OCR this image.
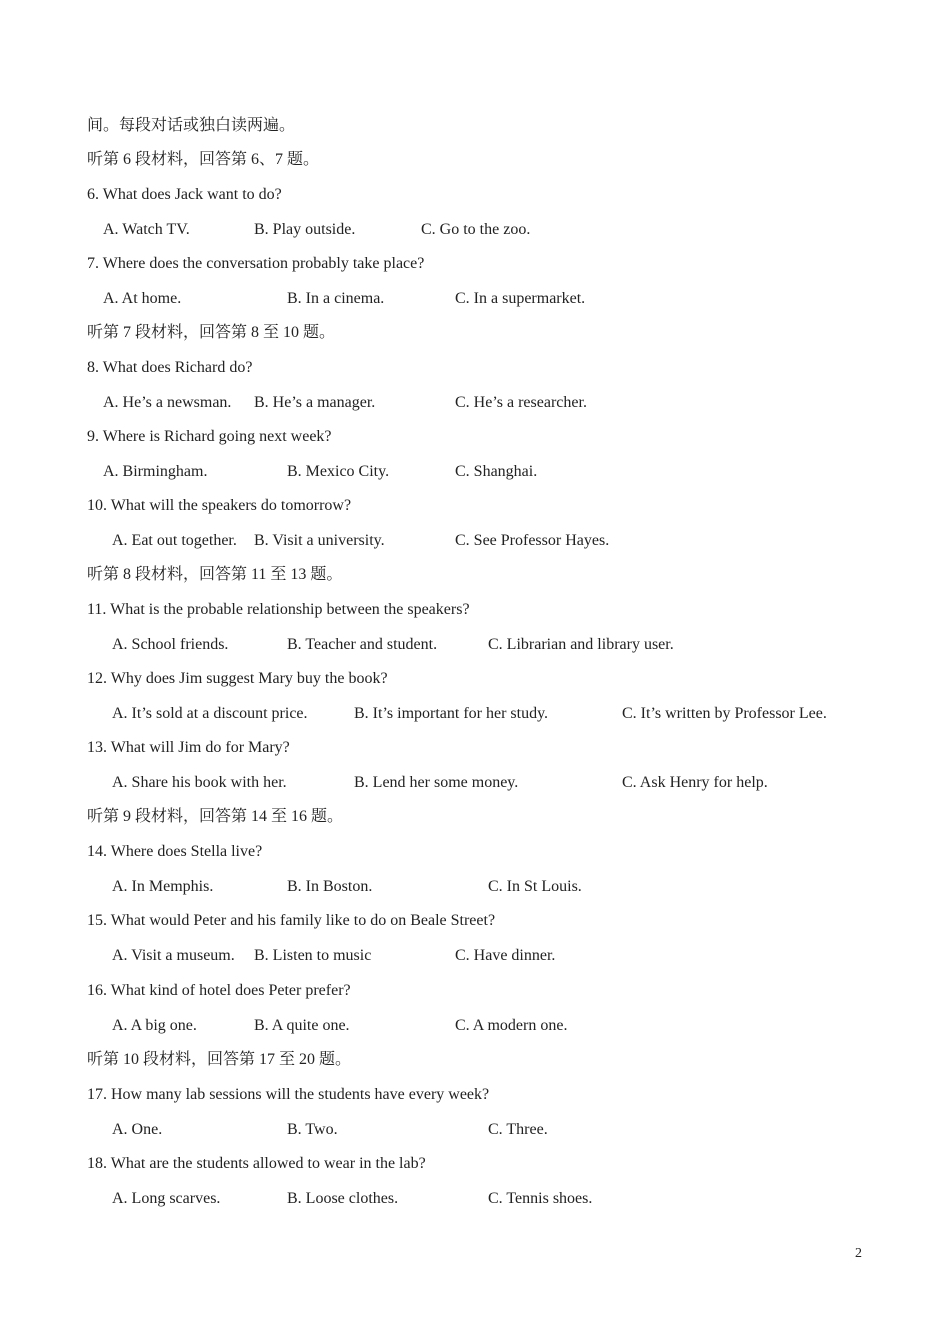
间。每段对话或独白读两遍。
听第 6 段材料，回答第 6、7 题。
6. What does Jack want to do?
A. Watch TV.	B. Play outside.	C. Go to the zoo.
7. Where does the conversation probably take place?
A. At home.	B. In a cinema.	C. In a supermarket.
听第 7 段材料，回答第 8 至 10 题。
8. What does Richard do?
A. He’s a newsman. B. He’s a manager.	C. He’s a researcher.
9. Where is Richard going next week?
A. Birmingham.	B. Mexico City.	C. Shanghai.
10. What will the speakers do tomorrow?
A. Eat out together. B. Visit a university.	C. See Professor Hayes.
听第 8 段材料，回答第 11 至 13 题。
11. What is the probable relationship between the speakers?
A. School friends.	B. Teacher and student.	C. Librarian and library user.
12. Why does Jim suggest Mary buy the book?
A. It’s sold at a discount price.	B. It’s important for her study.	C. It’s written by Professor Lee.
13. What will Jim do for Mary?
A. Share his book with her.	B. Lend her some money.	C. Ask Henry for help.
听第 9 段材料，回答第 14 至 16 题。
14. Where does Stella live?
A. In Memphis.	B. In Boston.	C. In St Louis.
15. What would Peter and his family like to do on Beale Street?
A. Visit a museum. B. Listen to music	C. Have dinner.
16. What kind of hotel does Peter prefer?
A. A big one.	B. A quite one.	C. A modern one.
听第 10 段材料，回答第 17 至 20 题。
17. How many lab sessions will the students have every week?
A. One.	B. Two.	C. Three.
18. What are the students allowed to wear in the lab?
A. Long scarves.	B. Loose clothes.	C. Tennis shoes.
2
